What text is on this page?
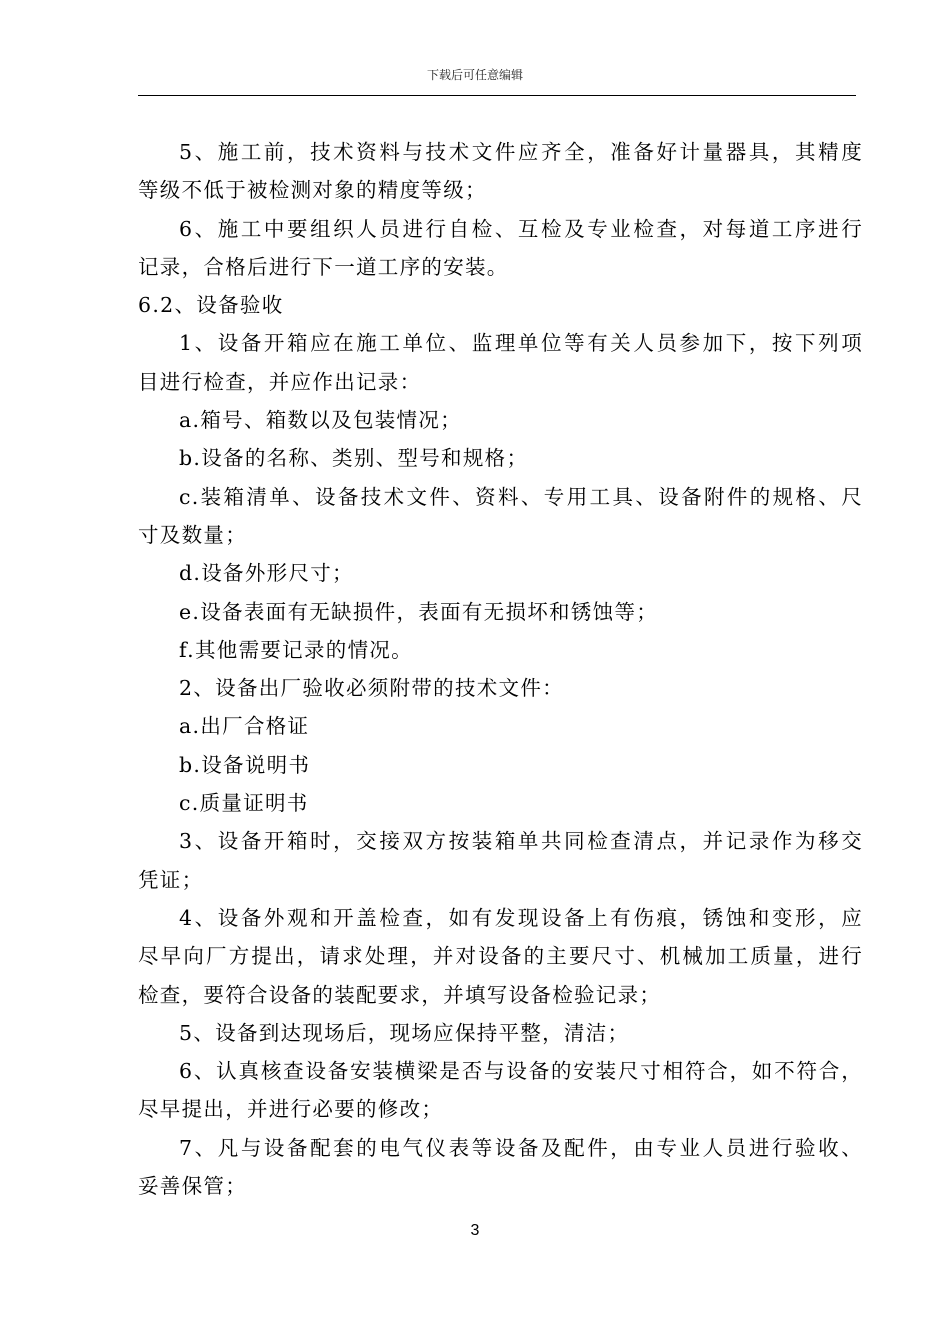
下载后可任意编辑
5、施工前，技术资料与技术文件应齐全，准备好计量器具，其精度
等级不低于被检测对象的精度等级；
6、施工中要组织人员进行自检、互检及专业检查，对每道工序进行
记录，合格后进行下一道工序的安装。
6.2、设备验收
1、设备开箱应在施工单位、监理单位等有关人员参加下，按下列项
目进行检查，并应作出记录：
a.箱号、箱数以及包装情况；
b.设备的名称、类别、型号和规格；
c.装箱清单、设备技术文件、资料、专用工具、设备附件的规格、尺
寸及数量；
d.设备外形尺寸；
e.设备表面有无缺损件，表面有无损坏和锈蚀等；
f.其他需要记录的情况。
2、设备出厂验收必须附带的技术文件：
a.出厂合格证
b.设备说明书
c.质量证明书
3、设备开箱时，交接双方按装箱单共同检查清点，并记录作为移交
凭证；
4、设备外观和开盖检查，如有发现设备上有伤痕，锈蚀和变形，应
尽早向厂方提出，请求处理，并对设备的主要尺寸、机械加工质量，进行
检查，要符合设备的装配要求，并填写设备检验记录；
5、设备到达现场后，现场应保持平整，清洁；
6、认真核查设备安装横梁是否与设备的安装尺寸相符合，如不符合，
尽早提出，并进行必要的修改；
7、凡与设备配套的电气仪表等设备及配件，由专业人员进行验收、
妥善保管；
3
